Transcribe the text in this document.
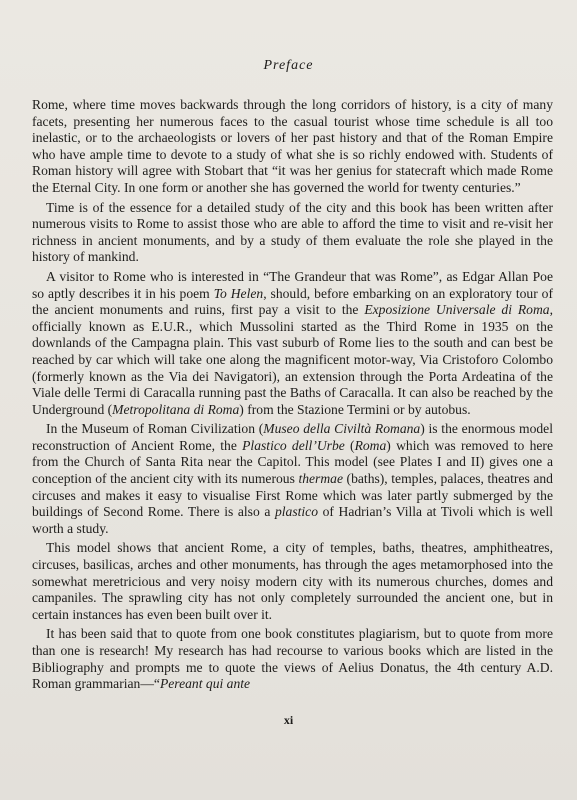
Preface

Rome, where time moves backwards through the long corridors of history, is a city of many facets, presenting her numerous faces to the casual tourist whose time schedule is all too inelastic, or to the archaeologists or lovers of her past history and that of the Roman Empire who have ample time to devote to a study of what she is so richly endowed with. Students of Roman history will agree with Stobart that “it was her genius for statecraft which made Rome the Eternal City. In one form or another she has governed the world for twenty centuries.”

Time is of the essence for a detailed study of the city and this book has been written after numerous visits to Rome to assist those who are able to afford the time to visit and re-visit her richness in ancient monuments, and by a study of them evaluate the role she played in the history of mankind.

A visitor to Rome who is interested in “The Grandeur that was Rome”, as Edgar Allan Poe so aptly describes it in his poem To Helen, should, before embarking on an exploratory tour of the ancient monuments and ruins, first pay a visit to the Exposizione Universale di Roma, officially known as E.U.R., which Mussolini started as the Third Rome in 1935 on the downlands of the Campagna plain. This vast suburb of Rome lies to the south and can best be reached by car which will take one along the magnificent motor-way, Via Cristoforo Colombo (formerly known as the Via dei Navigatori), an extension through the Porta Ardeatina of the Viale delle Termi di Caracalla running past the Baths of Caracalla. It can also be reached by the Underground (Metropolitana di Roma) from the Stazione Termini or by autobus.

In the Museum of Roman Civilization (Museo della Civiltà Romana) is the enormous model reconstruction of Ancient Rome, the Plastico dell’Urbe (Roma) which was removed to here from the Church of Santa Rita near the Capitol. This model (see Plates I and II) gives one a conception of the ancient city with its numerous thermae (baths), temples, palaces, theatres and circuses and makes it easy to visualise First Rome which was later partly submerged by the buildings of Second Rome. There is also a plastico of Hadrian’s Villa at Tivoli which is well worth a study.

This model shows that ancient Rome, a city of temples, baths, theatres, amphitheatres, circuses, basilicas, arches and other monuments, has through the ages metamorphosed into the somewhat meretricious and very noisy modern city with its numerous churches, domes and campaniles. The sprawling city has not only completely surrounded the ancient one, but in certain instances has even been built over it.

It has been said that to quote from one book constitutes plagiarism, but to quote from more than one is research! My research has had recourse to various books which are listed in the Bibliography and prompts me to quote the views of Aelius Donatus, the 4th century A.D. Roman grammarian—“Pereant qui ante

xi
